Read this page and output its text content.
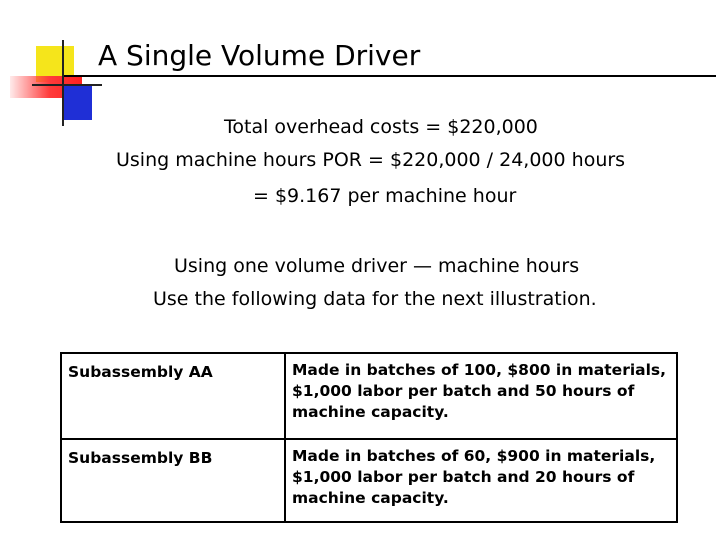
A Single Volume Driver
Total overhead costs = $220,000
Using machine hours POR = $220,000 / 24,000 hours
= $9.167 per machine hour
Using one volume driver — machine hours
Use the following data for the next illustration.
Subassembly AA	Made in batches of 100, $800 in materials, $1,000 labor per batch and 50 hours of machine capacity.
Subassembly BB	Made in batches of 60, $900 in materials, $1,000 labor per batch and 20 hours of machine capacity.
